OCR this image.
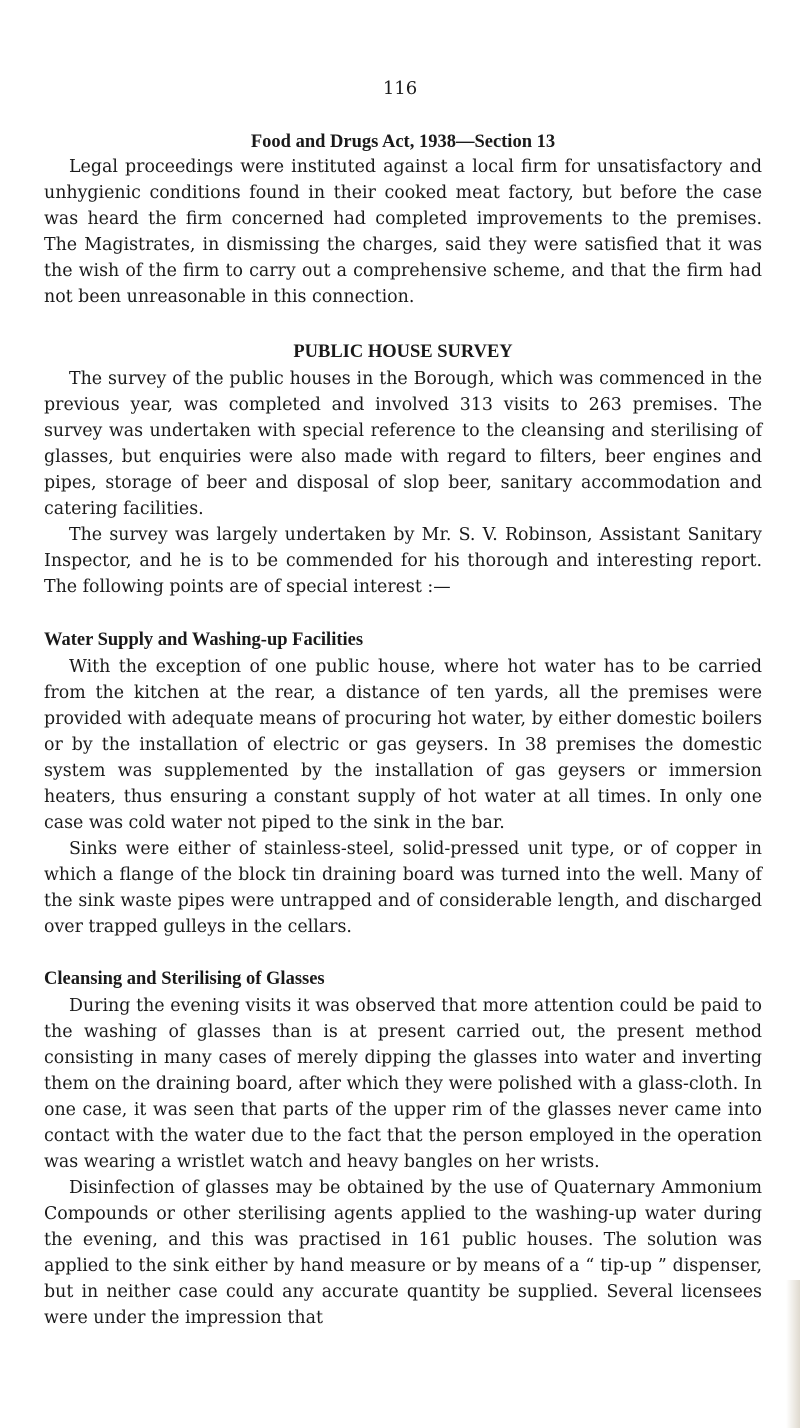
116
Food and Drugs Act, 1938—Section 13

Legal proceedings were instituted against a local firm for unsatisfactory and unhygienic conditions found in their cooked meat factory, but before the case was heard the firm concerned had completed improvements to the premises. The Magistrates, in dismissing the charges, said they were satisfied that it was the wish of the firm to carry out a comprehensive scheme, and that the firm had not been unreasonable in this connection.

PUBLIC HOUSE SURVEY

The survey of the public houses in the Borough, which was commenced in the previous year, was completed and involved 313 visits to 263 premises. The survey was undertaken with special reference to the cleansing and sterilising of glasses, but enquiries were also made with regard to filters, beer engines and pipes, storage of beer and disposal of slop beer, sanitary accommodation and catering facilities.

The survey was largely undertaken by Mr. S. V. Robinson, Assistant Sanitary Inspector, and he is to be commended for his thorough and interesting report. The following points are of special interest :—

Water Supply and Washing-up Facilities

With the exception of one public house, where hot water has to be carried from the kitchen at the rear, a distance of ten yards, all the premises were provided with adequate means of procuring hot water, by either domestic boilers or by the installation of electric or gas geysers. In 38 premises the domestic system was supplemented by the installation of gas geysers or immersion heaters, thus ensuring a constant supply of hot water at all times. In only one case was cold water not piped to the sink in the bar.

Sinks were either of stainless-steel, solid-pressed unit type, or of copper in which a flange of the block tin draining board was turned into the well. Many of the sink waste pipes were untrapped and of considerable length, and discharged over trapped gulleys in the cellars.

Cleansing and Sterilising of Glasses

During the evening visits it was observed that more attention could be paid to the washing of glasses than is at present carried out, the present method consisting in many cases of merely dipping the glasses into water and inverting them on the draining board, after which they were polished with a glass-cloth. In one case, it was seen that parts of the upper rim of the glasses never came into contact with the water due to the fact that the person employed in the operation was wearing a wristlet watch and heavy bangles on her wrists.

Disinfection of glasses may be obtained by the use of Quaternary Ammonium Compounds or other sterilising agents applied to the washing-up water during the evening, and this was practised in 161 public houses. The solution was applied to the sink either by hand measure or by means of a “ tip-up ” dispenser, but in neither case could any accurate quantity be supplied. Several licensees were under the impression that
